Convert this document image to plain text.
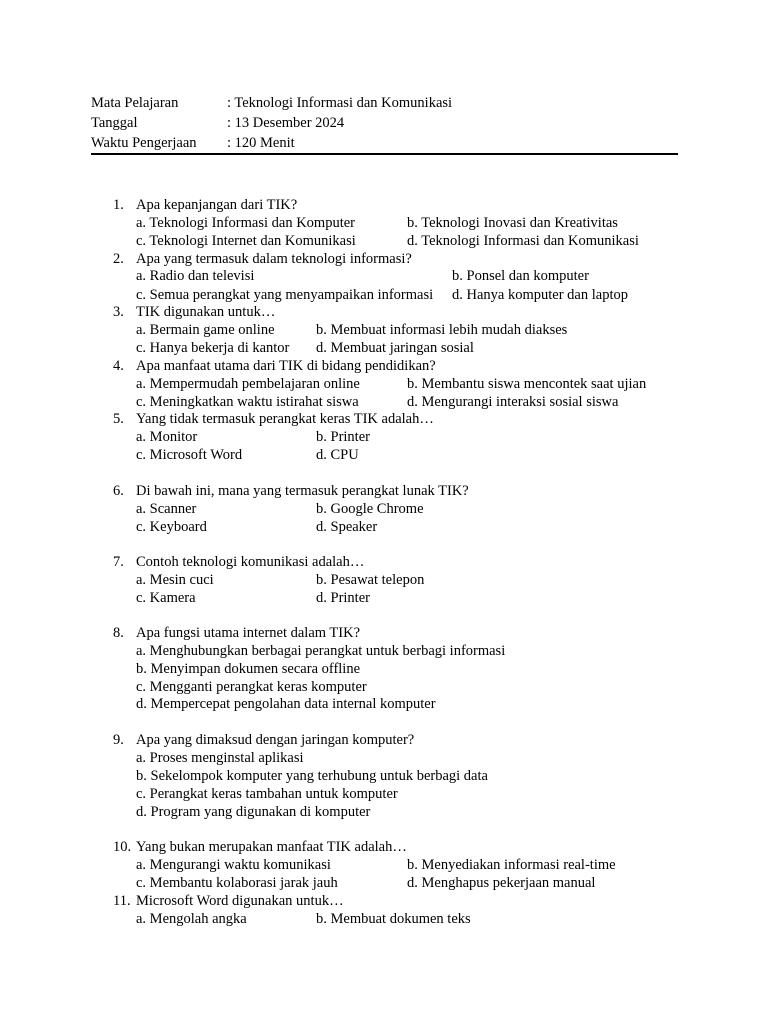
Mata Pelajaran	: Teknologi Informasi dan Komunikasi
Tanggal	: 13 Desember 2024
Waktu Pengerjaan : 120 Menit
1. Apa kepanjangan dari TIK?
a. Teknologi Informasi dan Komputer	b. Teknologi Inovasi dan Kreativitas
c. Teknologi Internet dan Komunikasi	d. Teknologi Informasi dan Komunikasi
2. Apa yang termasuk dalam teknologi informasi?
a. Radio dan televisi	b. Ponsel dan komputer
c. Semua perangkat yang menyampaikan informasi d. Hanya komputer dan laptop
3. TIK digunakan untuk…
a. Bermain game online	b. Membuat informasi lebih mudah diakses
c. Hanya bekerja di kantor d. Membuat jaringan sosial
4. Apa manfaat utama dari TIK di bidang pendidikan?
a. Mempermudah pembelajaran online	b. Membantu siswa mencontek saat ujian
c. Meningkatkan waktu istirahat siswa	d. Mengurangi interaksi sosial siswa
5. Yang tidak termasuk perangkat keras TIK adalah…
a. Monitor	b. Printer
c. Microsoft Word	d. CPU
6. Di bawah ini, mana yang termasuk perangkat lunak TIK?
a. Scanner	b. Google Chrome
c. Keyboard	d. Speaker
7. Contoh teknologi komunikasi adalah…
a. Mesin cuci	b. Pesawat telepon
c. Kamera	d. Printer
8. Apa fungsi utama internet dalam TIK?
a. Menghubungkan berbagai perangkat untuk berbagi informasi
b. Menyimpan dokumen secara offline
c. Mengganti perangkat keras komputer
d. Mempercepat pengolahan data internal komputer
9. Apa yang dimaksud dengan jaringan komputer?
a. Proses menginstal aplikasi
b. Sekelompok komputer yang terhubung untuk berbagi data
c. Perangkat keras tambahan untuk komputer
d. Program yang digunakan di komputer
10. Yang bukan merupakan manfaat TIK adalah…
a. Mengurangi waktu komunikasi	b. Menyediakan informasi real-time
c. Membantu kolaborasi jarak jauh	d. Menghapus pekerjaan manual
11. Microsoft Word digunakan untuk…
a. Mengolah angka	b. Membuat dokumen teks
